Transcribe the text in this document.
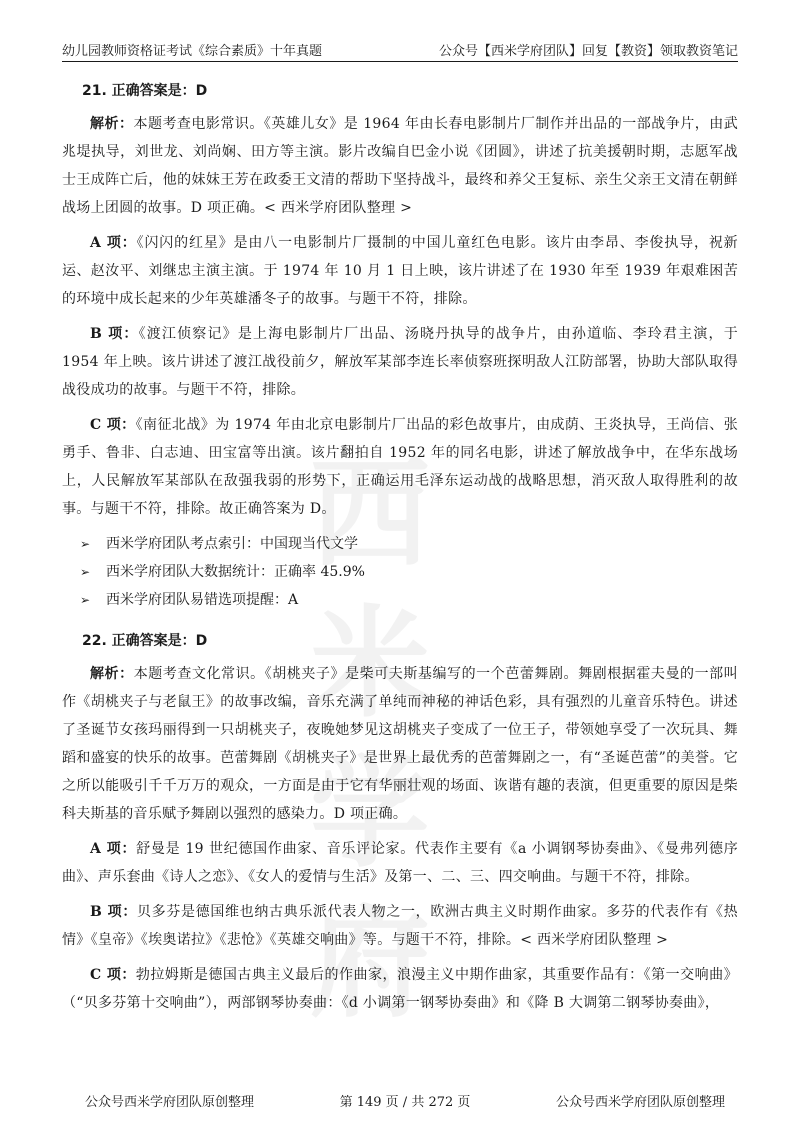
幼儿园教师资格证考试《综合素质》十年真题	公众号【西米学府团队】回复【教资】领取教资笔记
西米
学府
21. 正确答案是：D

解析：本题考查电影常识。《英雄儿女》是 1964 年由长春电影制片厂制作并出品的一部战争片，由武兆堤执导，刘世龙、刘尚娴、田方等主演。影片改编自巴金小说《团圆》，讲述了抗美援朝时期，志愿军战士王成阵亡后，他的妹妹王芳在政委王文清的帮助下坚持战斗，最终和养父王复标、亲生父亲王文清在朝鲜战场上团圆的故事。D 项正确。< 西米学府团队整理 >

A 项：《闪闪的红星》是由八一电影制片厂摄制的中国儿童红色电影。该片由李昂、李俊执导，祝新运、赵汝平、刘继忠主演主演。于 1974 年 10 月 1 日上映，该片讲述了在 1930 年至 1939 年艰难困苦的环境中成长起来的少年英雄潘冬子的故事。与题干不符，排除。

B 项：《渡江侦察记》是上海电影制片厂出品、汤晓丹执导的战争片，由孙道临、李玲君主演，于 1954 年上映。该片讲述了渡江战役前夕，解放军某部李连长率侦察班探明敌人江防部署，协助大部队取得战役成功的故事。与题干不符，排除。

C 项：《南征北战》为 1974 年由北京电影制片厂出品的彩色故事片，由成荫、王炎执导，王尚信、张勇手、鲁非、白志迪、田宝富等出演。该片翻拍自 1952 年的同名电影，讲述了解放战争中，在华东战场上，人民解放军某部队在敌强我弱的形势下，正确运用毛泽东运动战的战略思想，消灭敌人取得胜利的故事。与题干不符，排除。故正确答案为 D。

➢	西米学府团队考点索引：中国现当代文学
➢	西米学府团队大数据统计：正确率 45.9%
➢	西米学府团队易错选项提醒：A
22. 正确答案是：D

解析：本题考查文化常识。《胡桃夹子》是柴可夫斯基编写的一个芭蕾舞剧。舞剧根据霍夫曼的一部叫作《胡桃夹子与老鼠王》的故事改编，音乐充满了单纯而神秘的神话色彩，具有强烈的儿童音乐特色。讲述了圣诞节女孩玛丽得到一只胡桃夹子，夜晚她梦见这胡桃夹子变成了一位王子，带领她享受了一次玩具、舞蹈和盛宴的快乐的故事。芭蕾舞剧《胡桃夹子》是世界上最优秀的芭蕾舞剧之一，有“圣诞芭蕾”的美誉。它之所以能吸引千千万万的观众，一方面是由于它有华丽壮观的场面、诙谐有趣的表演，但更重要的原因是柴科夫斯基的音乐赋予舞剧以强烈的感染力。D 项正确。

A 项：舒曼是 19 世纪德国作曲家、音乐评论家。代表作主要有《a 小调钢琴协奏曲》、《曼弗列德序曲》、声乐套曲《诗人之恋》、《女人的爱情与生活》及第一、二、三、四交响曲。与题干不符，排除。

B 项：贝多芬是德国维也纳古典乐派代表人物之一，欧洲古典主义时期作曲家。多芬的代表作有《热情》《皇帝》《埃奥诺拉》《悲怆》《英雄交响曲》等。与题干不符，排除。< 西米学府团队整理 >

C 项：勃拉姆斯是德国古典主义最后的作曲家，浪漫主义中期作曲家，其重要作品有：《第一交响曲》（“贝多芬第十交响曲”），两部钢琴协奏曲：《d 小调第一钢琴协奏曲》和《降 B 大调第二钢琴协奏曲》，

公众号西米学府团队原创整理	第 149 页 / 共 272 页	公众号西米学府团队原创整理
